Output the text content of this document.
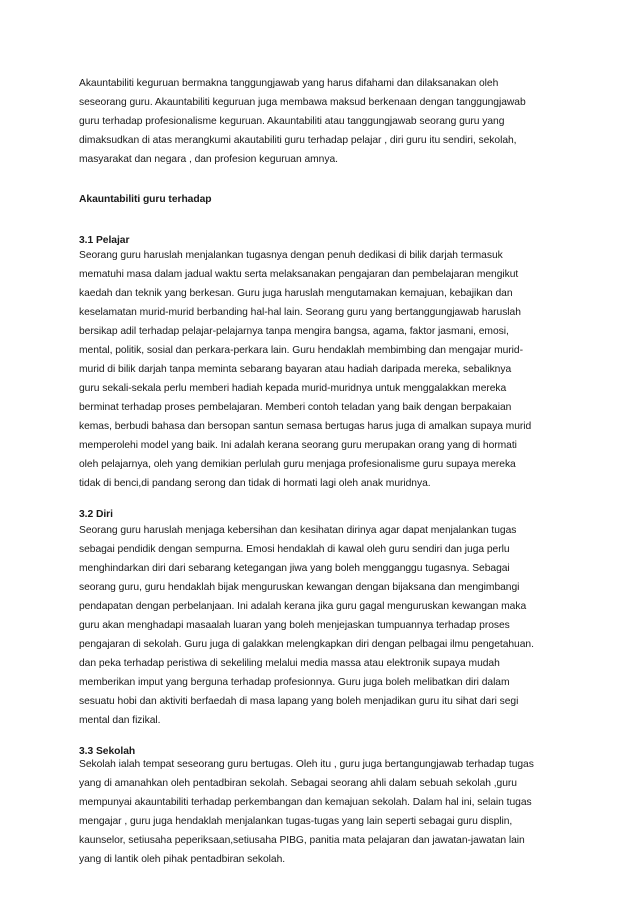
Akauntabiliti keguruan bermakna tanggungjawab yang harus difahami dan dilaksanakan oleh
seseorang guru. Akauntabiliti keguruan juga membawa maksud berkenaan dengan tanggungjawab
guru terhadap profesionalisme keguruan. Akauntabiliti atau tanggungjawab seorang guru yang
dimaksudkan di atas merangkumi akautabiliti guru terhadap pelajar , diri guru itu sendiri, sekolah,
masyarakat dan negara , dan profesion keguruan amnya.
Akauntabiliti guru terhadap
3.1 Pelajar
Seorang guru haruslah menjalankan tugasnya dengan penuh dedikasi di bilik darjah termasuk
mematuhi masa dalam jadual waktu serta melaksanakan pengajaran dan pembelajaran mengikut
kaedah dan teknik yang berkesan. Guru juga haruslah mengutamakan kemajuan, kebajikan dan
keselamatan murid-murid berbanding hal-hal lain. Seorang guru yang bertanggungjawab haruslah
bersikap adil terhadap pelajar-pelajarnya tanpa mengira bangsa, agama, faktor jasmani, emosi,
mental, politik, sosial dan perkara-perkara lain. Guru hendaklah membimbing dan mengajar murid-
murid di bilik darjah tanpa meminta sebarang bayaran atau hadiah daripada mereka, sebaliknya
guru sekali-sekala perlu memberi hadiah kepada murid-muridnya untuk menggalakkan mereka
berminat terhadap proses pembelajaran. Memberi contoh teladan yang baik dengan berpakaian
kemas, berbudi bahasa dan bersopan santun semasa bertugas harus juga di amalkan supaya murid
memperolehi model yang baik. Ini adalah kerana seorang guru merupakan orang yang di hormati
oleh pelajarnya, oleh yang demikian perlulah guru menjaga profesionalisme guru supaya mereka
tidak di benci,di pandang serong dan tidak di hormati lagi oleh anak muridnya.
3.2 Diri
Seorang guru haruslah menjaga kebersihan dan kesihatan dirinya agar dapat menjalankan tugas
sebagai pendidik dengan sempurna. Emosi hendaklah di kawal oleh guru sendiri dan juga perlu
menghindarkan diri dari sebarang ketegangan jiwa yang boleh mengganggu tugasnya. Sebagai
seorang guru, guru hendaklah bijak menguruskan kewangan dengan bijaksana dan mengimbangi
pendapatan dengan perbelanjaan. Ini adalah kerana jika guru gagal menguruskan kewangan maka
guru akan menghadapi masaalah luaran yang boleh menjejaskan tumpuannya terhadap proses
pengajaran di sekolah. Guru juga di galakkan melengkapkan diri dengan pelbagai ilmu pengetahuan.
dan peka terhadap peristiwa di sekeliling melalui media massa atau elektronik supaya mudah
memberikan imput yang berguna terhadap profesionnya. Guru juga boleh melibatkan diri dalam
sesuatu hobi dan aktiviti berfaedah di masa lapang yang boleh menjadikan guru itu sihat dari segi
mental dan fizikal.
3.3 Sekolah
Sekolah ialah tempat seseorang guru bertugas. Oleh itu , guru juga bertangungjawab terhadap tugas
yang di amanahkan oleh pentadbiran sekolah. Sebagai seorang ahli dalam sebuah sekolah ,guru
mempunyai akauntabiliti terhadap perkembangan dan kemajuan sekolah. Dalam hal ini, selain tugas
mengajar , guru juga hendaklah menjalankan tugas-tugas yang lain seperti sebagai guru displin,
kaunselor, setiusaha peperiksaan,setiusaha PIBG, panitia mata pelajaran dan jawatan-jawatan lain
yang di lantik oleh pihak pentadbiran sekolah.
